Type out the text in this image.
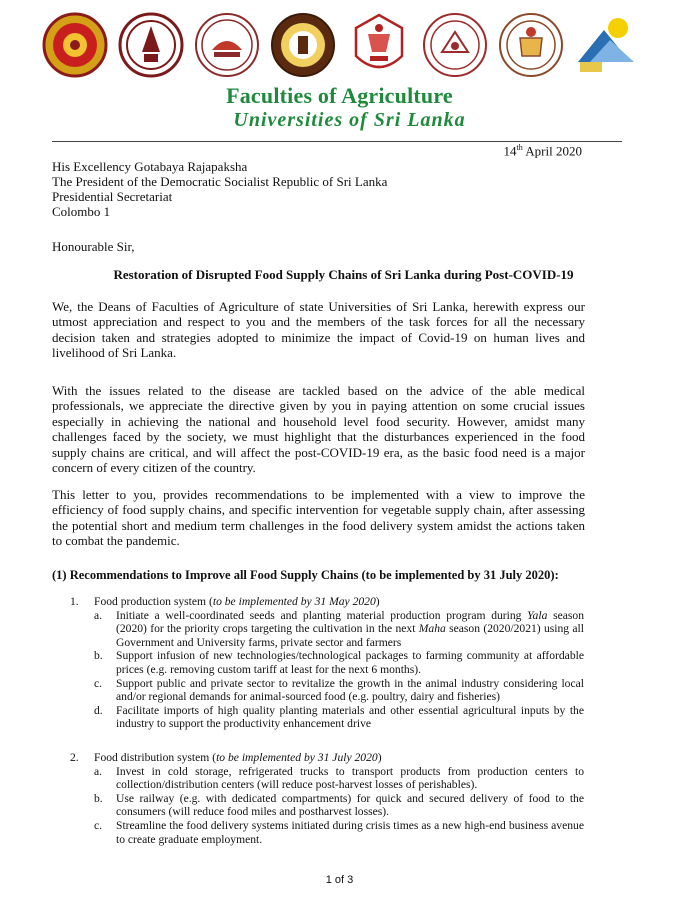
Faculties of Agriculture
Universities of Sri Lanka
14th April 2020
His Excellency Gotabaya Rajapaksha
The President of the Democratic Socialist Republic of Sri Lanka
Presidential Secretariat
Colombo 1
Honourable Sir,
Restoration of Disrupted Food Supply Chains of Sri Lanka during Post-COVID-19
We, the Deans of Faculties of Agriculture of state Universities of Sri Lanka, herewith express our utmost appreciation and respect to you and the members of the task forces for all the necessary decision taken and strategies adopted to minimize the impact of Covid-19 on human lives and livelihood of Sri Lanka.
With the issues related to the disease are tackled based on the advice of the able medical professionals, we appreciate the directive given by you in paying attention on some crucial issues especially in achieving the national and household level food security. However, amidst many challenges faced by the society, we must highlight that the disturbances experienced in the food supply chains are critical, and will affect the post-COVID-19 era, as the basic food need is a major concern of every citizen of the country.
This letter to you, provides recommendations to be implemented with a view to improve the efficiency of food supply chains, and specific intervention for vegetable supply chain, after assessing the potential short and medium term challenges in the food delivery system amidst the actions taken to combat the pandemic.
(1) Recommendations to Improve all Food Supply Chains (to be implemented by 31 July 2020):
1. Food production system (to be implemented by 31 May 2020)
a. Initiate a well-coordinated seeds and planting material production program during Yala season (2020) for the priority crops targeting the cultivation in the next Maha season (2020/2021) using all Government and University farms, private sector and farmers
b. Support infusion of new technologies/technological packages to farming community at affordable prices (e.g. removing custom tariff at least for the next 6 months).
c. Support public and private sector to revitalize the growth in the animal industry considering local and/or regional demands for animal-sourced food (e.g. poultry, dairy and fisheries)
d. Facilitate imports of high quality planting materials and other essential agricultural inputs by the industry to support the productivity enhancement drive
2. Food distribution system (to be implemented by 31 July 2020)
a. Invest in cold storage, refrigerated trucks to transport products from production centers to collection/distribution centers (will reduce post-harvest losses of perishables).
b. Use railway (e.g. with dedicated compartments) for quick and secured delivery of food to the consumers (will reduce food miles and postharvest losses).
c. Streamline the food delivery systems initiated during crisis times as a new high-end business avenue to create graduate employment.
1 of 3
